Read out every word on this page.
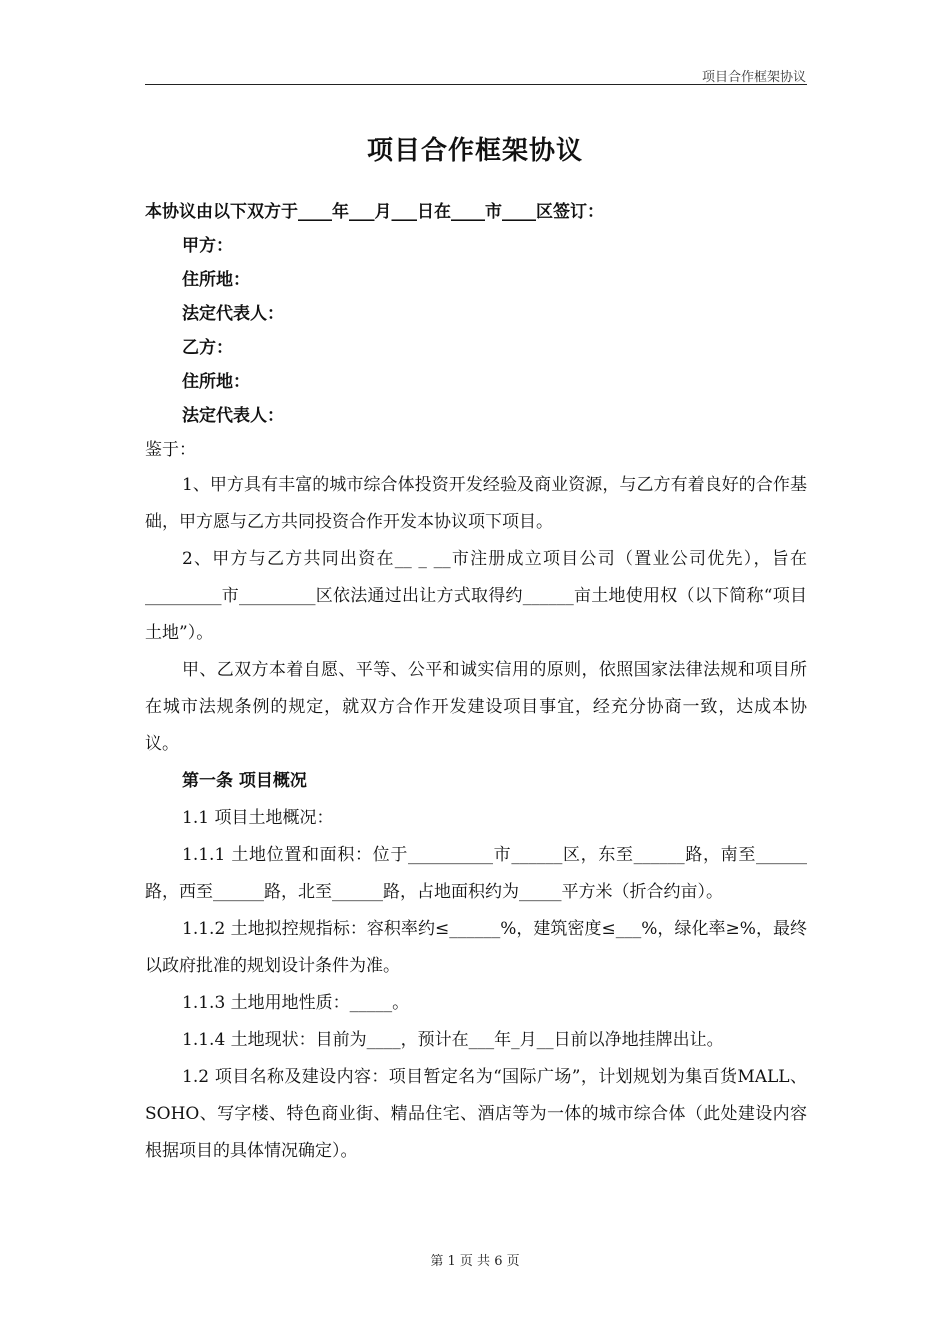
项目合作框架协议
项目合作框架协议
本协议由以下双方于____年___月___日在____市____区签订：
甲方：
住所地：
法定代表人：
乙方：
住所地：
法定代表人：
鉴于：
1、甲方具有丰富的城市综合体投资开发经验及商业资源，与乙方有着良好的合作基础，甲方愿与乙方共同投资合作开发本协议项下项目。
2、甲方与乙方共同出资在__ _ __市注册成立项目公司（置业公司优先），旨在_________市_________区依法通过出让方式取得约______亩土地使用权（以下简称“项目土地”）。
甲、乙双方本着自愿、平等、公平和诚实信用的原则，依照国家法律法规和项目所在城市法规条例的规定，就双方合作开发建设项目事宜，经充分协商一致，达成本协议。
第一条 项目概况
1.1 项目土地概况：
1.1.1 土地位置和面积：位于__________市______区，东至______路，南至______路，西至______路，北至______路，占地面积约为_____平方米（折合约亩）。
1.1.2 土地拟控规指标：容积率约≤______%，建筑密度≤___%，绿化率≥%，最终以政府批准的规划设计条件为准。
1.1.3 土地用地性质：_____。
1.1.4 土地现状：目前为____，预计在___年_月__日前以净地挂牌出让。
1.2 项目名称及建设内容：项目暂定名为“国际广场”，计划规划为集百货MALL、SOHO、写字楼、特色商业街、精品住宅、酒店等为一体的城市综合体（此处建设内容根据项目的具体情况确定）。
第 1 页 共 6 页
